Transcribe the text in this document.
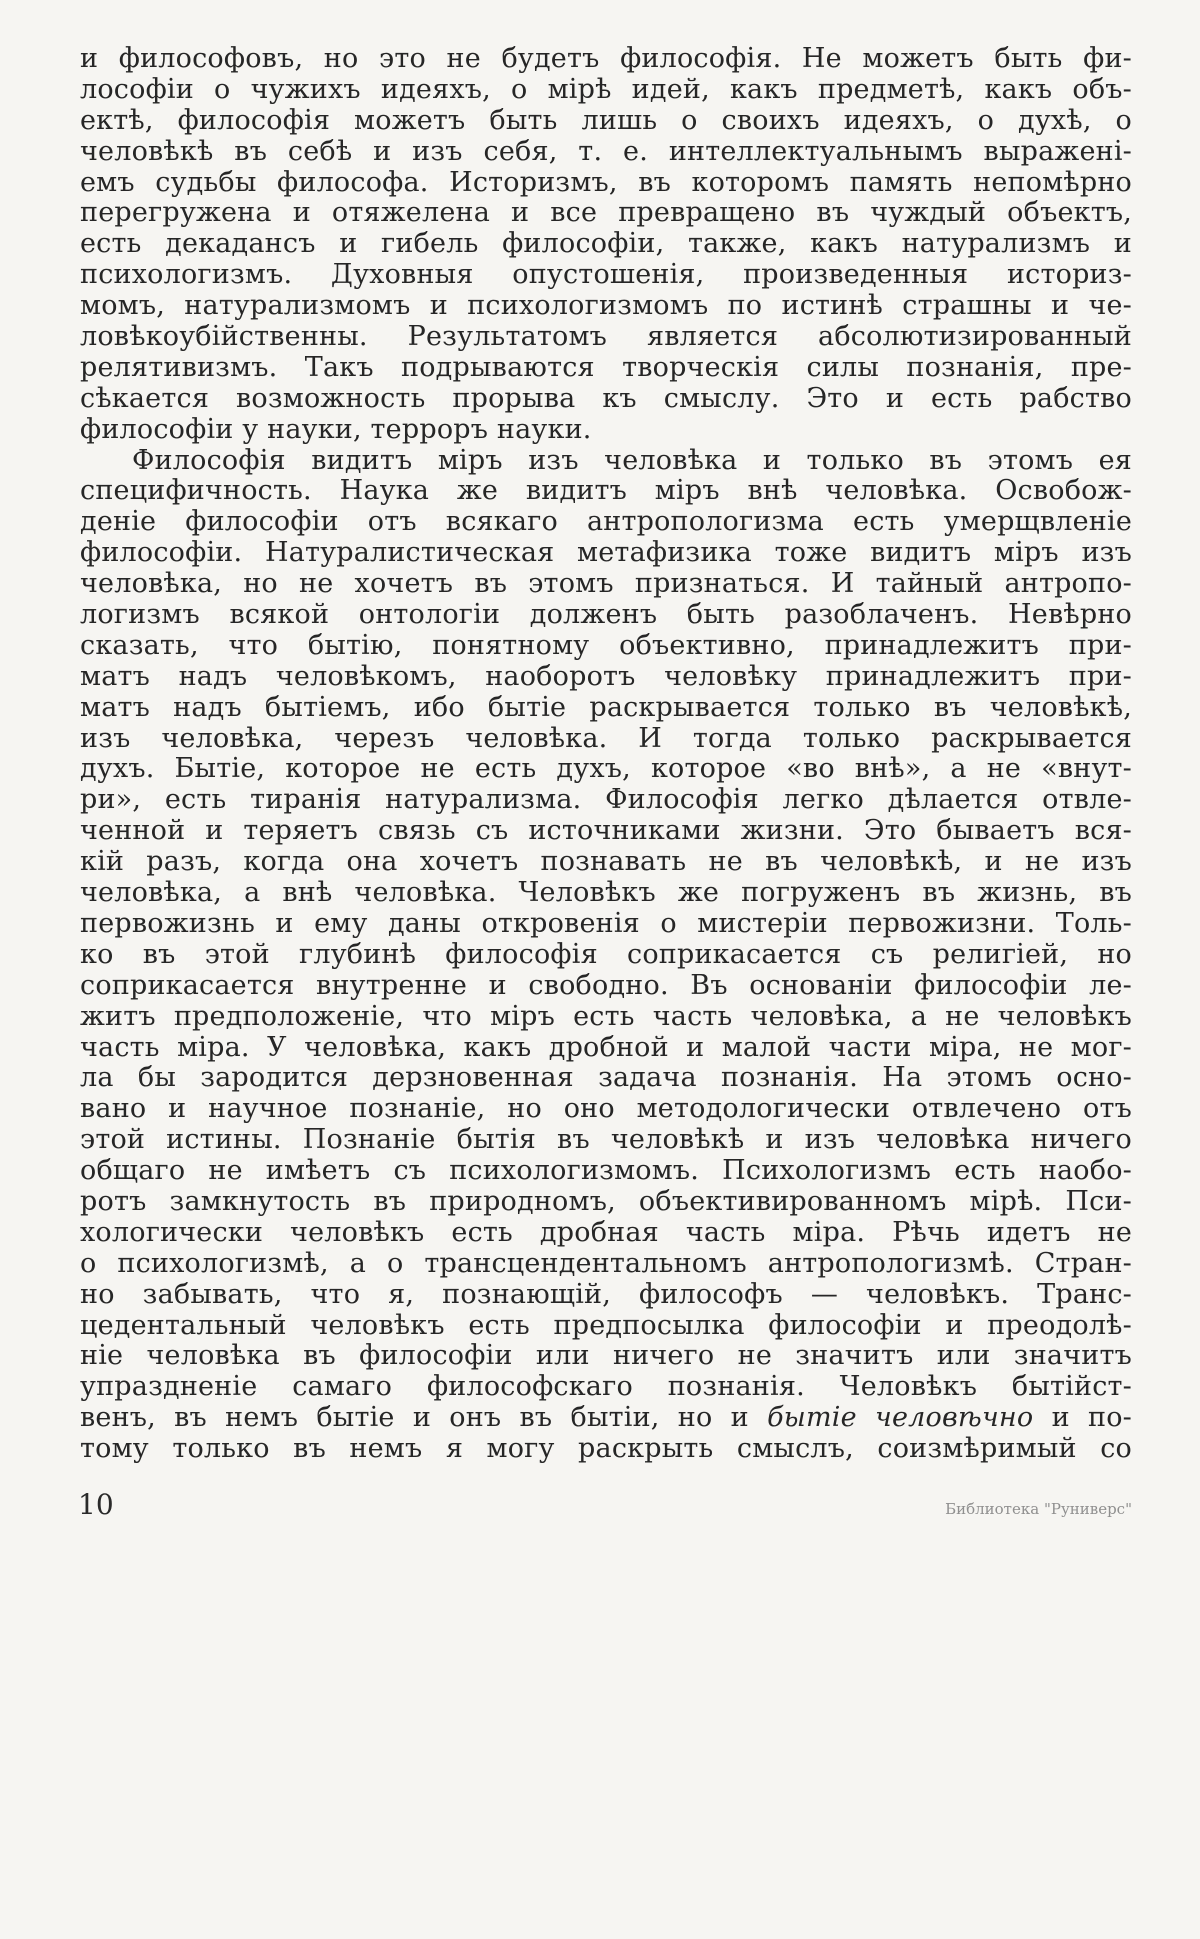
и философовъ, но это не будетъ философія. Не можетъ быть фи-
лософіи о чужихъ идеяхъ, о мірѣ идей, какъ предметѣ, какъ объ-
ектѣ, философія можетъ быть лишь о своихъ идеяхъ, о духѣ, о
человѣкѣ въ себѣ и изъ себя, т. е. интеллектуальнымъ выраженi-
емъ судьбы философа. Историзмъ, въ которомъ память непомѣрно
перегружена и отяжелена и все превращено въ чуждый объектъ,
есть декадансъ и гибель философіи, также, какъ натурализмъ и
психологизмъ. Духовныя опустошенія, произведенныя историз-
момъ, натурализмомъ и психологизмомъ по истинѣ страшны и че-
ловѣкоубійственны. Результатомъ является абсолютизированный
релятивизмъ. Такъ подрываются творческія силы познанія, пре-
сѣкается возможность прорыва къ смыслу. Это и есть рабство
философіи у науки, терроръ науки.
Философія видитъ міръ изъ человѣка и только въ этомъ ея
специфичность. Наука же видитъ міръ внѣ человѣка. Освобож-
деніе философіи отъ всякаго антропологизма есть умерщвленіе
философіи. Натуралистическая метафизика тоже видитъ міръ изъ
человѣка, но не хочетъ въ этомъ признаться. И тайный антропо-
логизмъ всякой онтологіи долженъ быть разоблаченъ. Невѣрно
сказать, что бытію, понятному объективно, принадлежитъ при-
матъ надъ человѣкомъ, наоборотъ человѣку принадлежитъ при-
матъ надъ бытіемъ, ибо бытіе раскрывается только въ человѣкѣ,
изъ человѣка, черезъ человѣка. И тогда только раскрывается
духъ. Бытіе, которое не есть духъ, которое «во внѣ», а не «внут-
ри», есть тиранія натурализма. Философія легко дѣлается отвле-
ченной и теряетъ связь съ источниками жизни. Это бываетъ вся-
кій разъ, когда она хочетъ познавать не въ человѣкѣ, и не изъ
человѣка, а внѣ человѣка. Человѣкъ же погруженъ въ жизнь, въ
первожизнь и ему даны откровенія о мистеріи первожизни. Толь-
ко въ этой глубинѣ философія соприкасается съ религіей, но
соприкасается внутренне и свободно. Въ основаніи философіи ле-
житъ предположеніе, что міръ есть часть человѣка, а не человѣкъ
часть міра. У человѣка, какъ дробной и малой части міра, не мог-
ла бы зародится дерзновенная задача познанія. На этомъ осно-
вано и научное познаніе, но оно методологически отвлечено отъ
этой истины. Познаніе бытія въ человѣкѣ и изъ человѣка ничего
общаго не имѣетъ съ психологизмомъ. Психологизмъ есть наобо-
ротъ замкнутость въ природномъ, объективированномъ мірѣ. Пси-
хологически человѣкъ есть дробная часть міра. Рѣчь идетъ не
о психологизмѣ, а о трансцендентальномъ антропологизмѣ. Стран-
но забывать, что я, познающій, философъ — человѣкъ. Транс-
цедентальный человѣкъ есть предпосылка философіи и преодолѣ-
ніе человѣка въ философіи или ничего не значитъ или значитъ
упраздненіе самаго философскаго познанія. Человѣкъ бытійст-
венъ, въ немъ бытіе и онъ въ бытіи, но и бытіе человѣчно и по-
тому только въ немъ я могу раскрыть смыслъ, соизмѣримый со
10	Библиотека "Руниверс"
